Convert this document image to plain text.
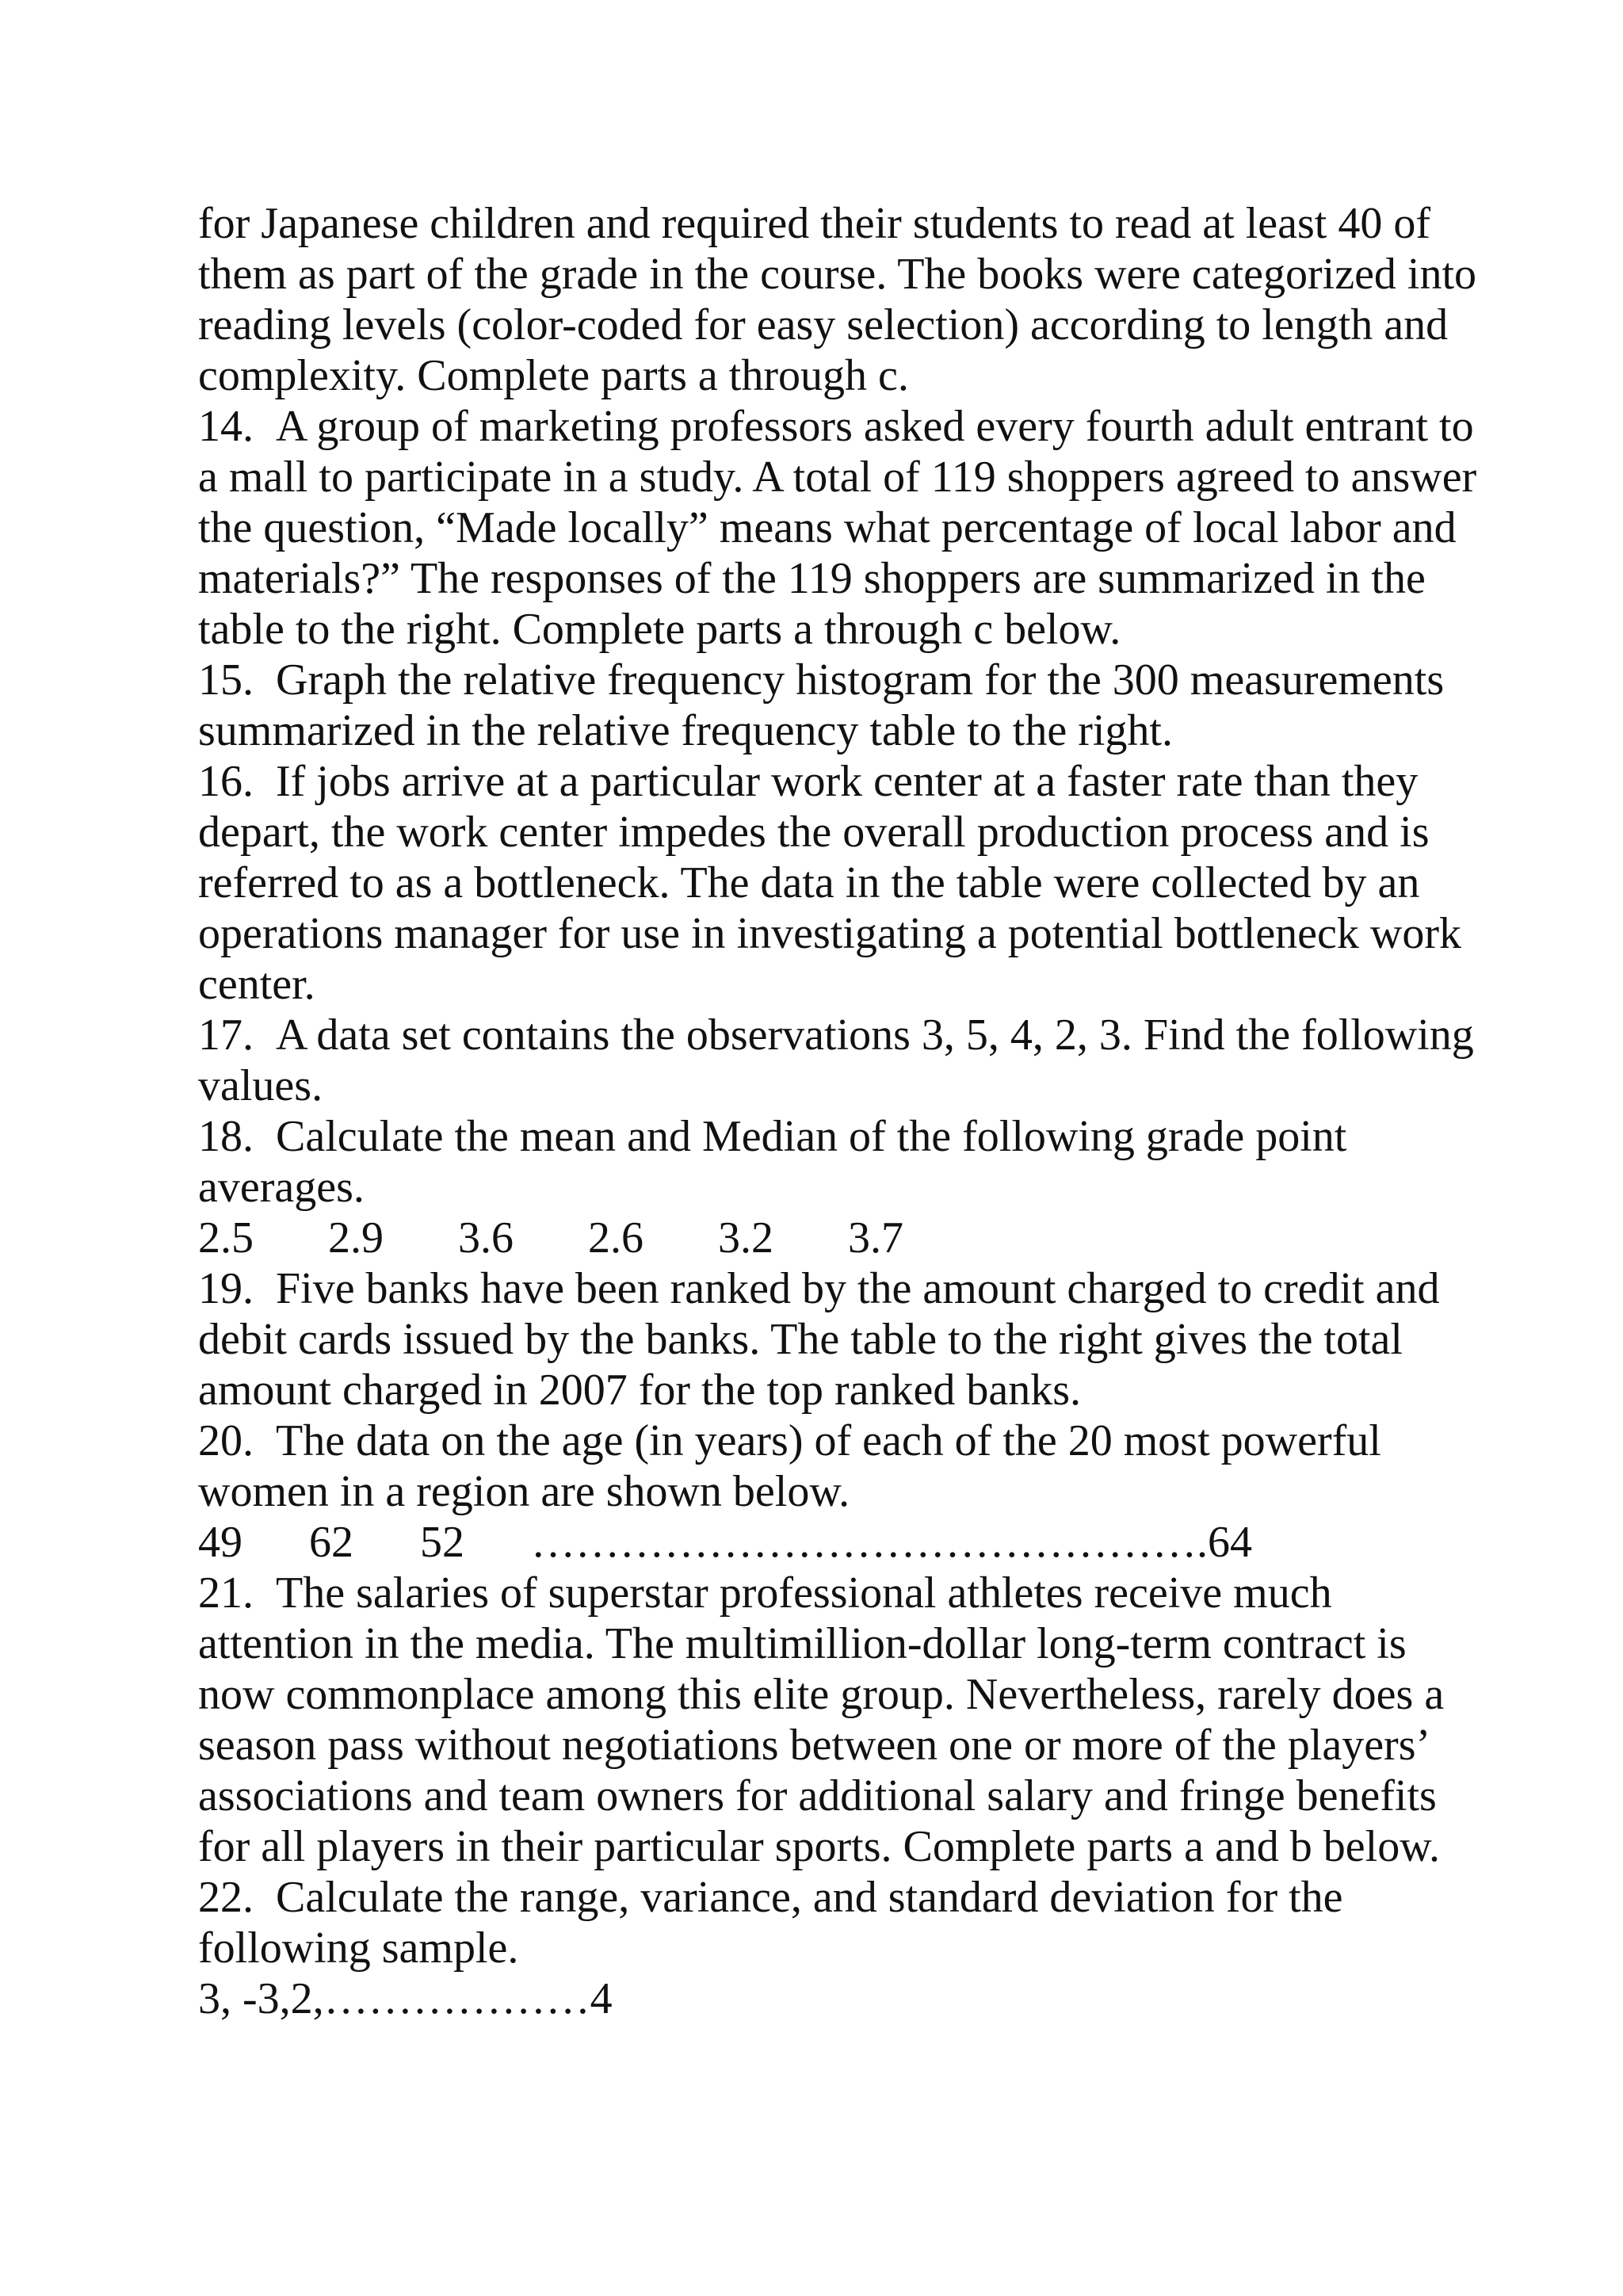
for Japanese children and required their students to read at least 40 of them as part of the grade in the course. The books were categorized into reading levels (color-coded for easy selection) according to length and complexity. Complete parts a through c.

14. A group of marketing professors asked every fourth adult entrant to a mall to participate in a study. A total of 119 shoppers agreed to answer the question, “Made locally” means what percentage of local labor and materials?” The responses of the 119 shoppers are summarized in the table to the right. Complete parts a through c below.

15. Graph the relative frequency histogram for the 300 measurements summarized in the relative frequency table to the right.

16. If jobs arrive at a particular work center at a faster rate than they depart, the work center impedes the overall production process and is referred to as a bottleneck. The data in the table were collected by an operations manager for use in investigating a potential bottleneck work center.

17. A data set contains the observations 3, 5, 4, 2, 3. Find the following values.

18. Calculate the mean and Median of the following grade point averages.

2.5 2.9 3.6 2.6 3.2 3.7

19. Five banks have been ranked by the amount charged to credit and debit cards issued by the banks. The table to the right gives the total amount charged in 2007 for the top ranked banks.

20. The data on the age (in years) of each of the 20 most powerful women in a region are shown below.

49 62 52 ……………………………………….64

21. The salaries of superstar professional athletes receive much attention in the media. The multimillion-dollar long-term contract is now commonplace among this elite group. Nevertheless, rarely does a season pass without negotiations between one or more of the players’ associations and team owners for additional salary and fringe benefits for all players in their particular sports. Complete parts a and b below.

22. Calculate the range, variance, and standard deviation for the following sample.

3, -3,2,………………4
